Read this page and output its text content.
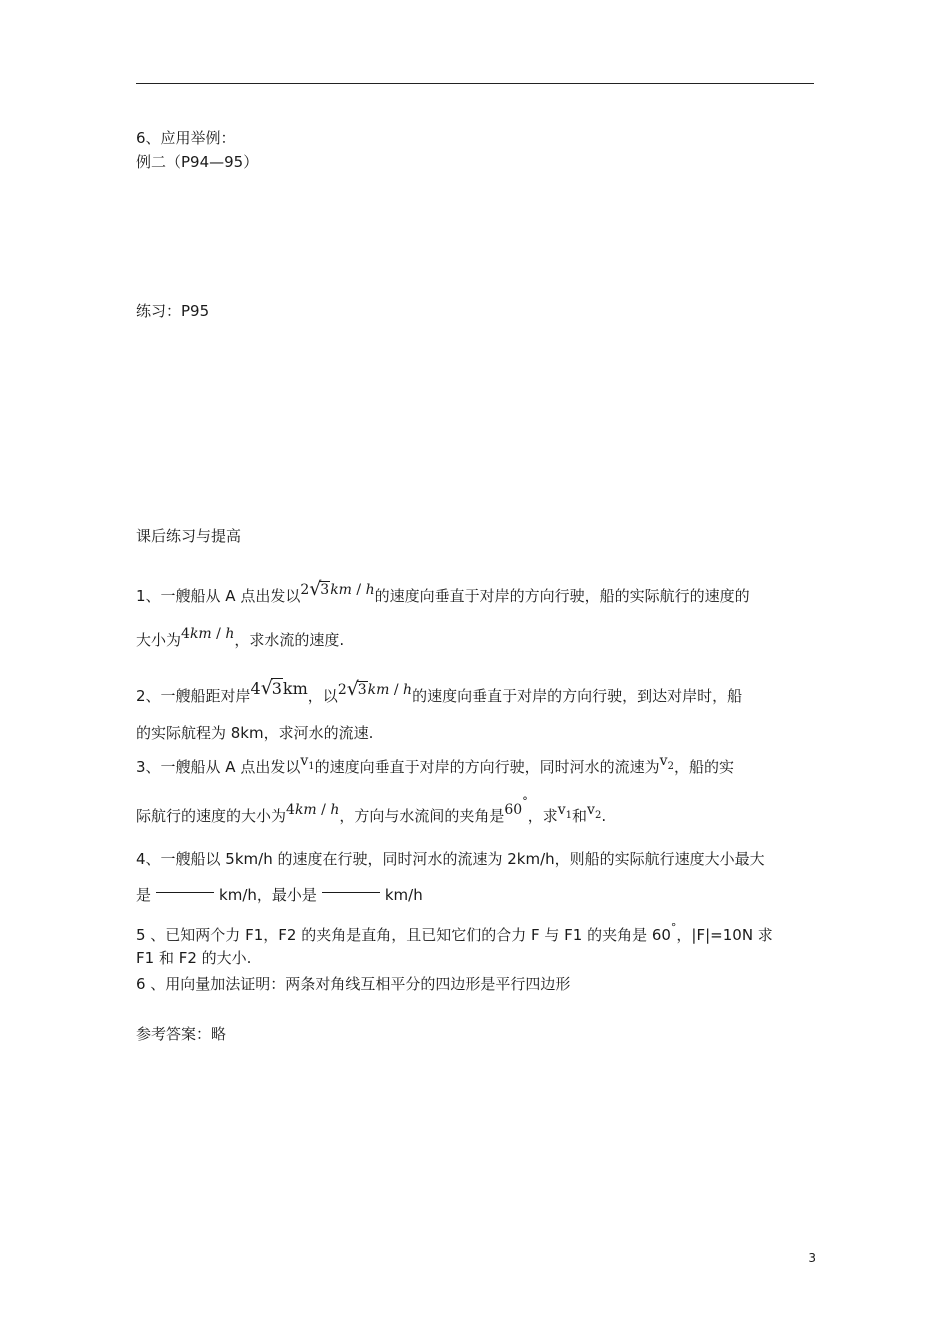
6、应用举例：
例二（P94—95）
练习：P95
课后练习与提高
1、一艘船从 A 点出发以2 √ 3km / h的速度向垂直于对岸的方向行驶，船的实际航行的速度的
大小为4km / h，求水流的速度.
2、一艘船距对岸4 √ 3km，以2 √ 3km / h的速度向垂直于对岸的方向行驶，到达对岸时，船
的实际航程为 8km，求河水的流速.
3、一艘船从 A 点出发以$v_1$的速度向垂直于对岸的方向行驶，同时河水的流速为$v_2$，船的实
际航行的速度的大小为4km / h，方向与水流间的夹角是60°，求$v_1$和$v_2$.
4、一艘船以 5km/h 的速度在行驶，同时河水的流速为 2km/h，则船的实际航行速度大小最大
是	km/h，最小是	km/h
5 、已知两个力 F1，F2 的夹角是直角，且已知它们的合力 F 与 F1 的夹角是 60°，|F|=10N 求
F1 和 F2 的大小.
6 、用向量加法证明：两条对角线互相平分的四边形是平行四边形
参考答案：略
3
